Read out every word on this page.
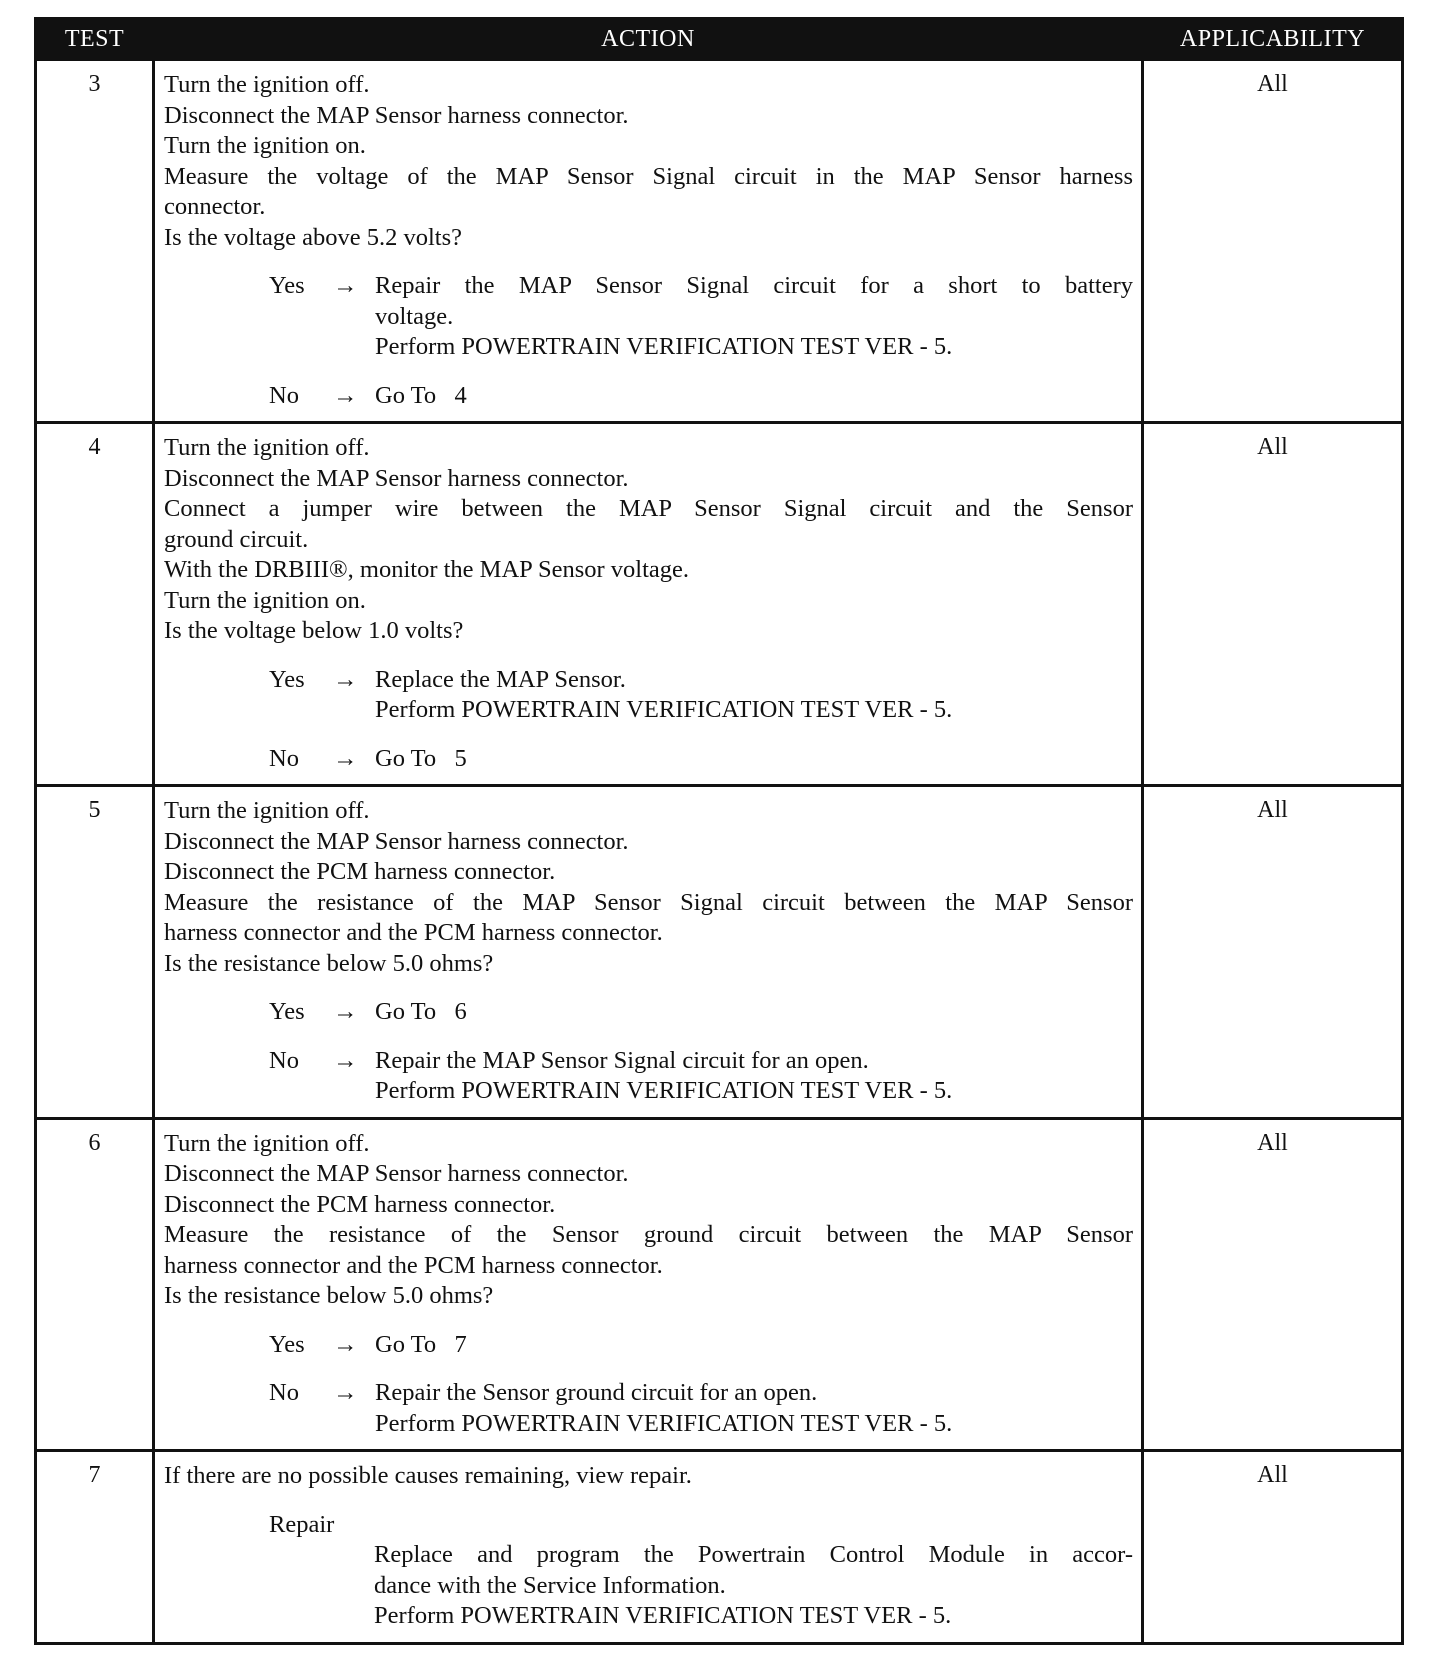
TEST	ACTION	APPLICABILITY
3	Turn the ignition off.
Disconnect the MAP Sensor harness connector.
Turn the ignition on.
Measure the voltage of the MAP Sensor Signal circuit in the MAP Sensor harness
connector.
Is the voltage above 5.2 volts?
Yes	→ Repair the MAP Sensor Signal circuit for a short to battery
voltage.
Perform POWERTRAIN VERIFICATION TEST VER - 5.
No	→ Go To   4
All
4	Turn the ignition off.
Disconnect the MAP Sensor harness connector.
Connect a jumper wire between the MAP Sensor Signal circuit and the Sensor
ground circuit.
With the DRBIII®, monitor the MAP Sensor voltage.
Turn the ignition on.
Is the voltage below 1.0 volts?
Yes	→ Replace the MAP Sensor.
Perform POWERTRAIN VERIFICATION TEST VER - 5.
No	→ Go To   5
All
5	Turn the ignition off.
Disconnect the MAP Sensor harness connector.
Disconnect the PCM harness connector.
Measure the resistance of the MAP Sensor Signal circuit between the MAP Sensor
harness connector and the PCM harness connector.
Is the resistance below 5.0 ohms?
Yes	→ Go To   6
No	→ Repair the MAP Sensor Signal circuit for an open.
Perform POWERTRAIN VERIFICATION TEST VER - 5.
All
6	Turn the ignition off.
Disconnect the MAP Sensor harness connector.
Disconnect the PCM harness connector.
Measure the resistance of the Sensor ground circuit between the MAP Sensor
harness connector and the PCM harness connector.
Is the resistance below 5.0 ohms?
Yes	→ Go To   7
No	→ Repair the Sensor ground circuit for an open.
Perform POWERTRAIN VERIFICATION TEST VER - 5.
All
7	If there are no possible causes remaining, view repair.
Repair
Replace and program the Powertrain Control Module in accor-
dance with the Service Information.
Perform POWERTRAIN VERIFICATION TEST VER - 5.
All
